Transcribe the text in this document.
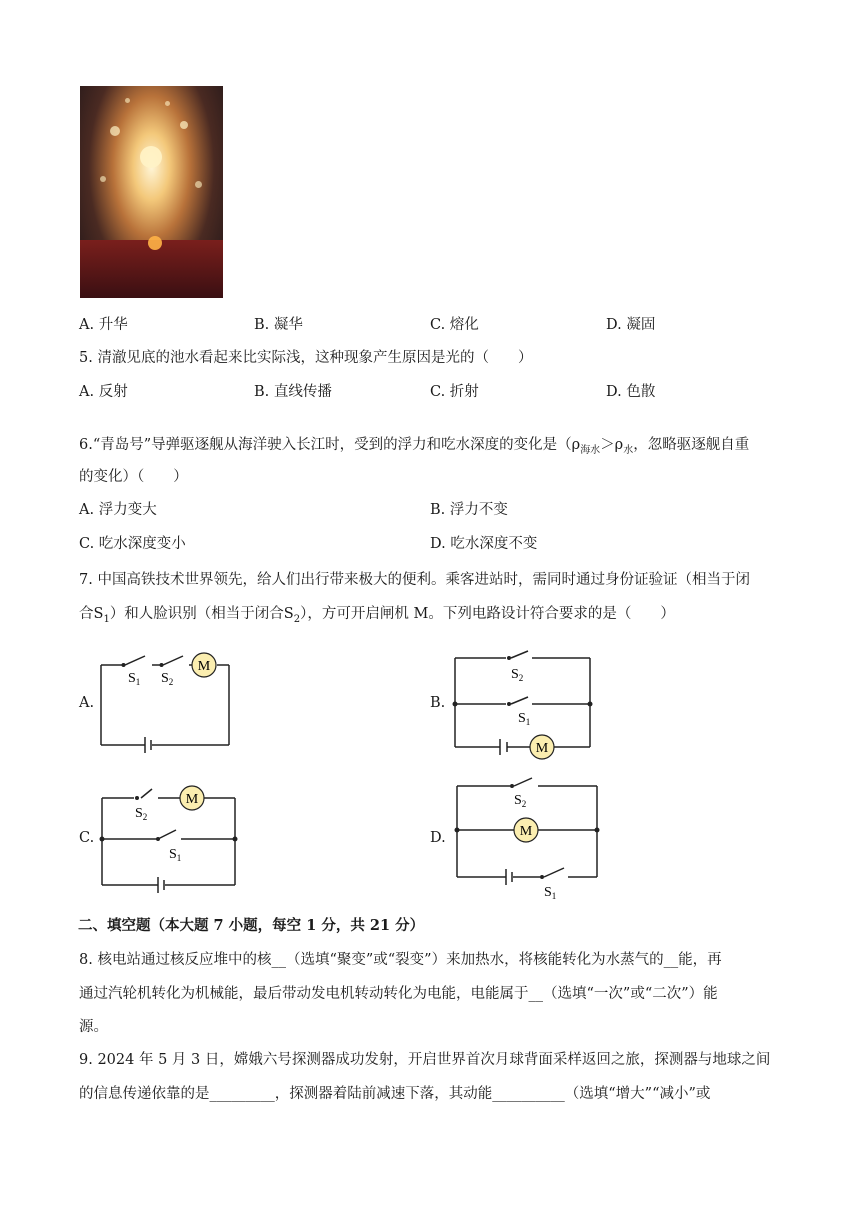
A. 升华	B. 凝华	C. 熔化	D. 凝固
5. 清澈见底的池水看起来比实际浅，这种现象产生原因是光的（　　）
A. 反射	B. 直线传播	C. 折射	D. 色散
6.“青岛号”导弹驱逐舰从海洋驶入长江时，受到的浮力和吃水深度的变化是（$\rho_{海水}>\rho_水$，忽略驱逐舰自重
的变化）（　　）
A. 浮力变大	B. 浮力不变
C. 吃水深度变小	D. 吃水深度不变
7. 中国高铁技术世界领先，给人们出行带来极大的便利。乘客进站时，需同时通过身份证验证（相当于闭
合$S_1$）和人脸识别（相当于闭合$S_2$），方可开启闸机 M。下列电路设计符合要求的是（　　）
A.	B.
C.	D.
M
$S_1$ $S_2$
M
$S_2$
$S_1$
M
$S_2$
$S_1$
M
$S_2$
$S_1$
二、填空题（本大题 7 小题，每空 1 分，共 21 分）
8. 核电站通过核反应堆中的核__（选填“聚变”或“裂变”）来加热水，将核能转化为水蒸气的__能，再
通过汽轮机转化为机械能，最后带动发电机转动转化为电能，电能属于__（选填“一次”或“二次”）能
源。
9. 2024 年 5 月 3 日，嫦娥六号探测器成功发射，开启世界首次月球背面采样返回之旅，探测器与地球之间
的信息传递依靠的是_________，探测器着陆前减速下落，其动能__________（选填“增大”“减小”或
